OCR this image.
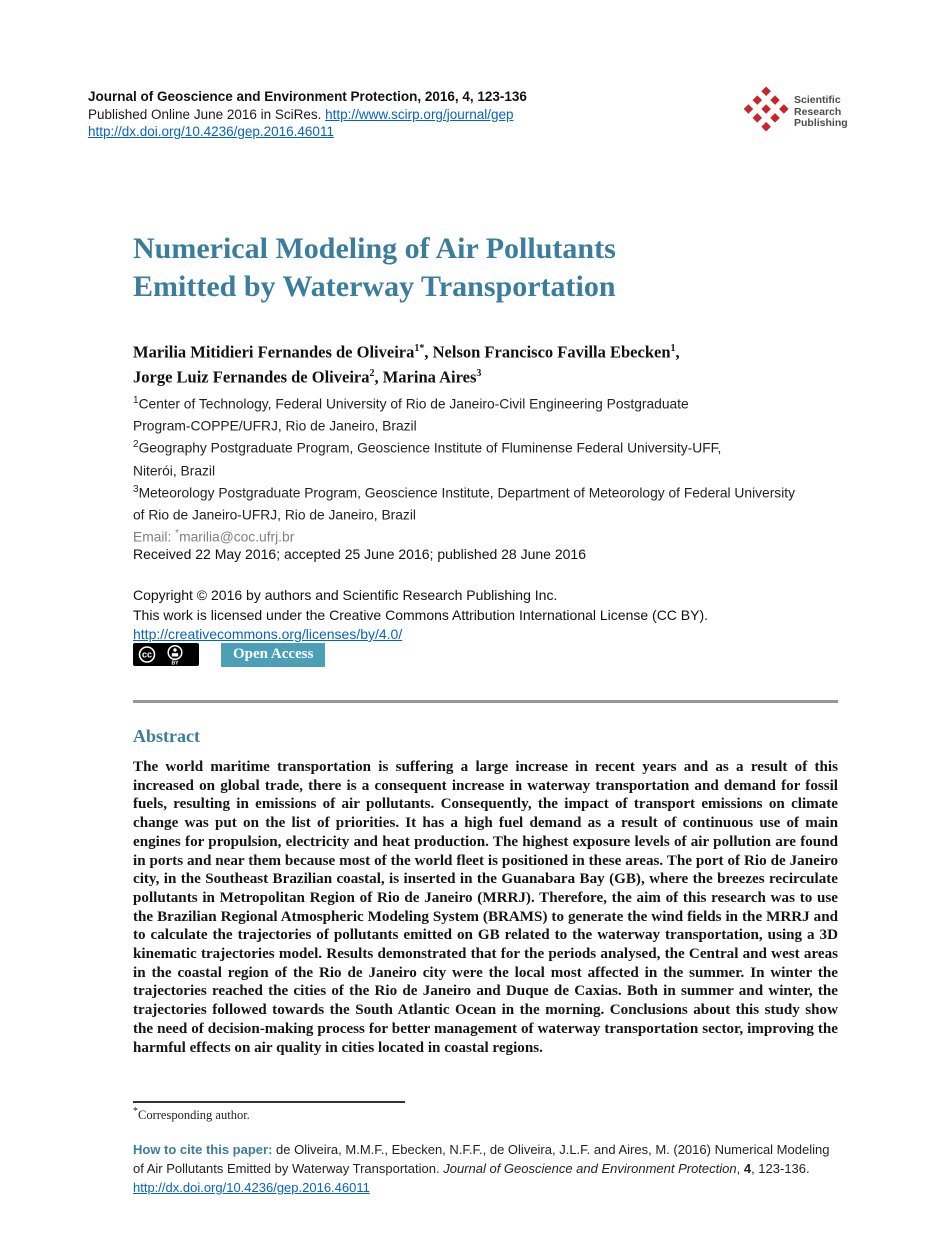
Journal of Geoscience and Environment Protection, 2016, 4, 123-136
Published Online June 2016 in SciRes. http://www.scirp.org/journal/gep
http://dx.doi.org/10.4236/gep.2016.46011
Scientific
Research
Publishing
Numerical Modeling of Air Pollutants
Emitted by Waterway Transportation
Marilia Mitidieri Fernandes de Oliveira$^{1*}$, Nelson Francisco Favilla Ebecken$^1$,
Jorge Luiz Fernandes de Oliveira$^2$, Marina Aires$^3$
$^1$Center of Technology, Federal University of Rio de Janeiro-Civil Engineering Postgraduate
Program-COPPE/UFRJ, Rio de Janeiro, Brazil
$^2$Geography Postgraduate Program, Geoscience Institute of Fluminense Federal University-UFF,
Niterói, Brazil
$^3$Meteorology Postgraduate Program, Geoscience Institute, Department of Meteorology of Federal University
of Rio de Janeiro-UFRJ, Rio de Janeiro, Brazil
Email: *marilia@coc.ufrj.br
Received 22 May 2016; accepted 25 June 2016; published 28 June 2016
Copyright © 2016 by authors and Scientific Research Publishing Inc.
This work is licensed under the Creative Commons Attribution International License (CC BY).
http://creativecommons.org/licenses/by/4.0/
cc
BY
Open Access
Abstract
The world maritime transportation is suffering a large increase in recent years and as a result of this increased on global trade, there is a consequent increase in waterway transportation and demand for fossil fuels, resulting in emissions of air pollutants. Consequently, the impact of transport emissions on climate change was put on the list of priorities. It has a high fuel demand as a result of continuous use of main engines for propulsion, electricity and heat production. The highest exposure levels of air pollution are found in ports and near them because most of the world fleet is positioned in these areas. The port of Rio de Janeiro city, in the Southeast Brazilian coastal, is inserted in the Guanabara Bay (GB), where the breezes recirculate pollutants in Metropolitan Region of Rio de Janeiro (MRRJ). Therefore, the aim of this research was to use the Brazilian Regional Atmospheric Modeling System (BRAMS) to generate the wind fields in the MRRJ and to calculate the trajectories of pollutants emitted on GB related to the waterway transportation, using a 3D kinematic trajectories model. Results demonstrated that for the periods analysed, the Central and west areas in the coastal region of the Rio de Janeiro city were the local most affected in the summer. In winter the trajectories reached the cities of the Rio de Janeiro and Duque de Caxias. Both in summer and winter, the trajectories followed towards the South Atlantic Ocean in the morning. Conclusions about this study show the need of decision-making process for better management of waterway transportation sector, improving the harmful effects on air quality in cities located in coastal regions.
*Corresponding author.
How to cite this paper: de Oliveira, M.M.F., Ebecken, N.F.F., de Oliveira, J.L.F. and Aires, M. (2016) Numerical Modeling of Air Pollutants Emitted by Waterway Transportation. Journal of Geoscience and Environment Protection, 4, 123-136.
http://dx.doi.org/10.4236/gep.2016.46011
